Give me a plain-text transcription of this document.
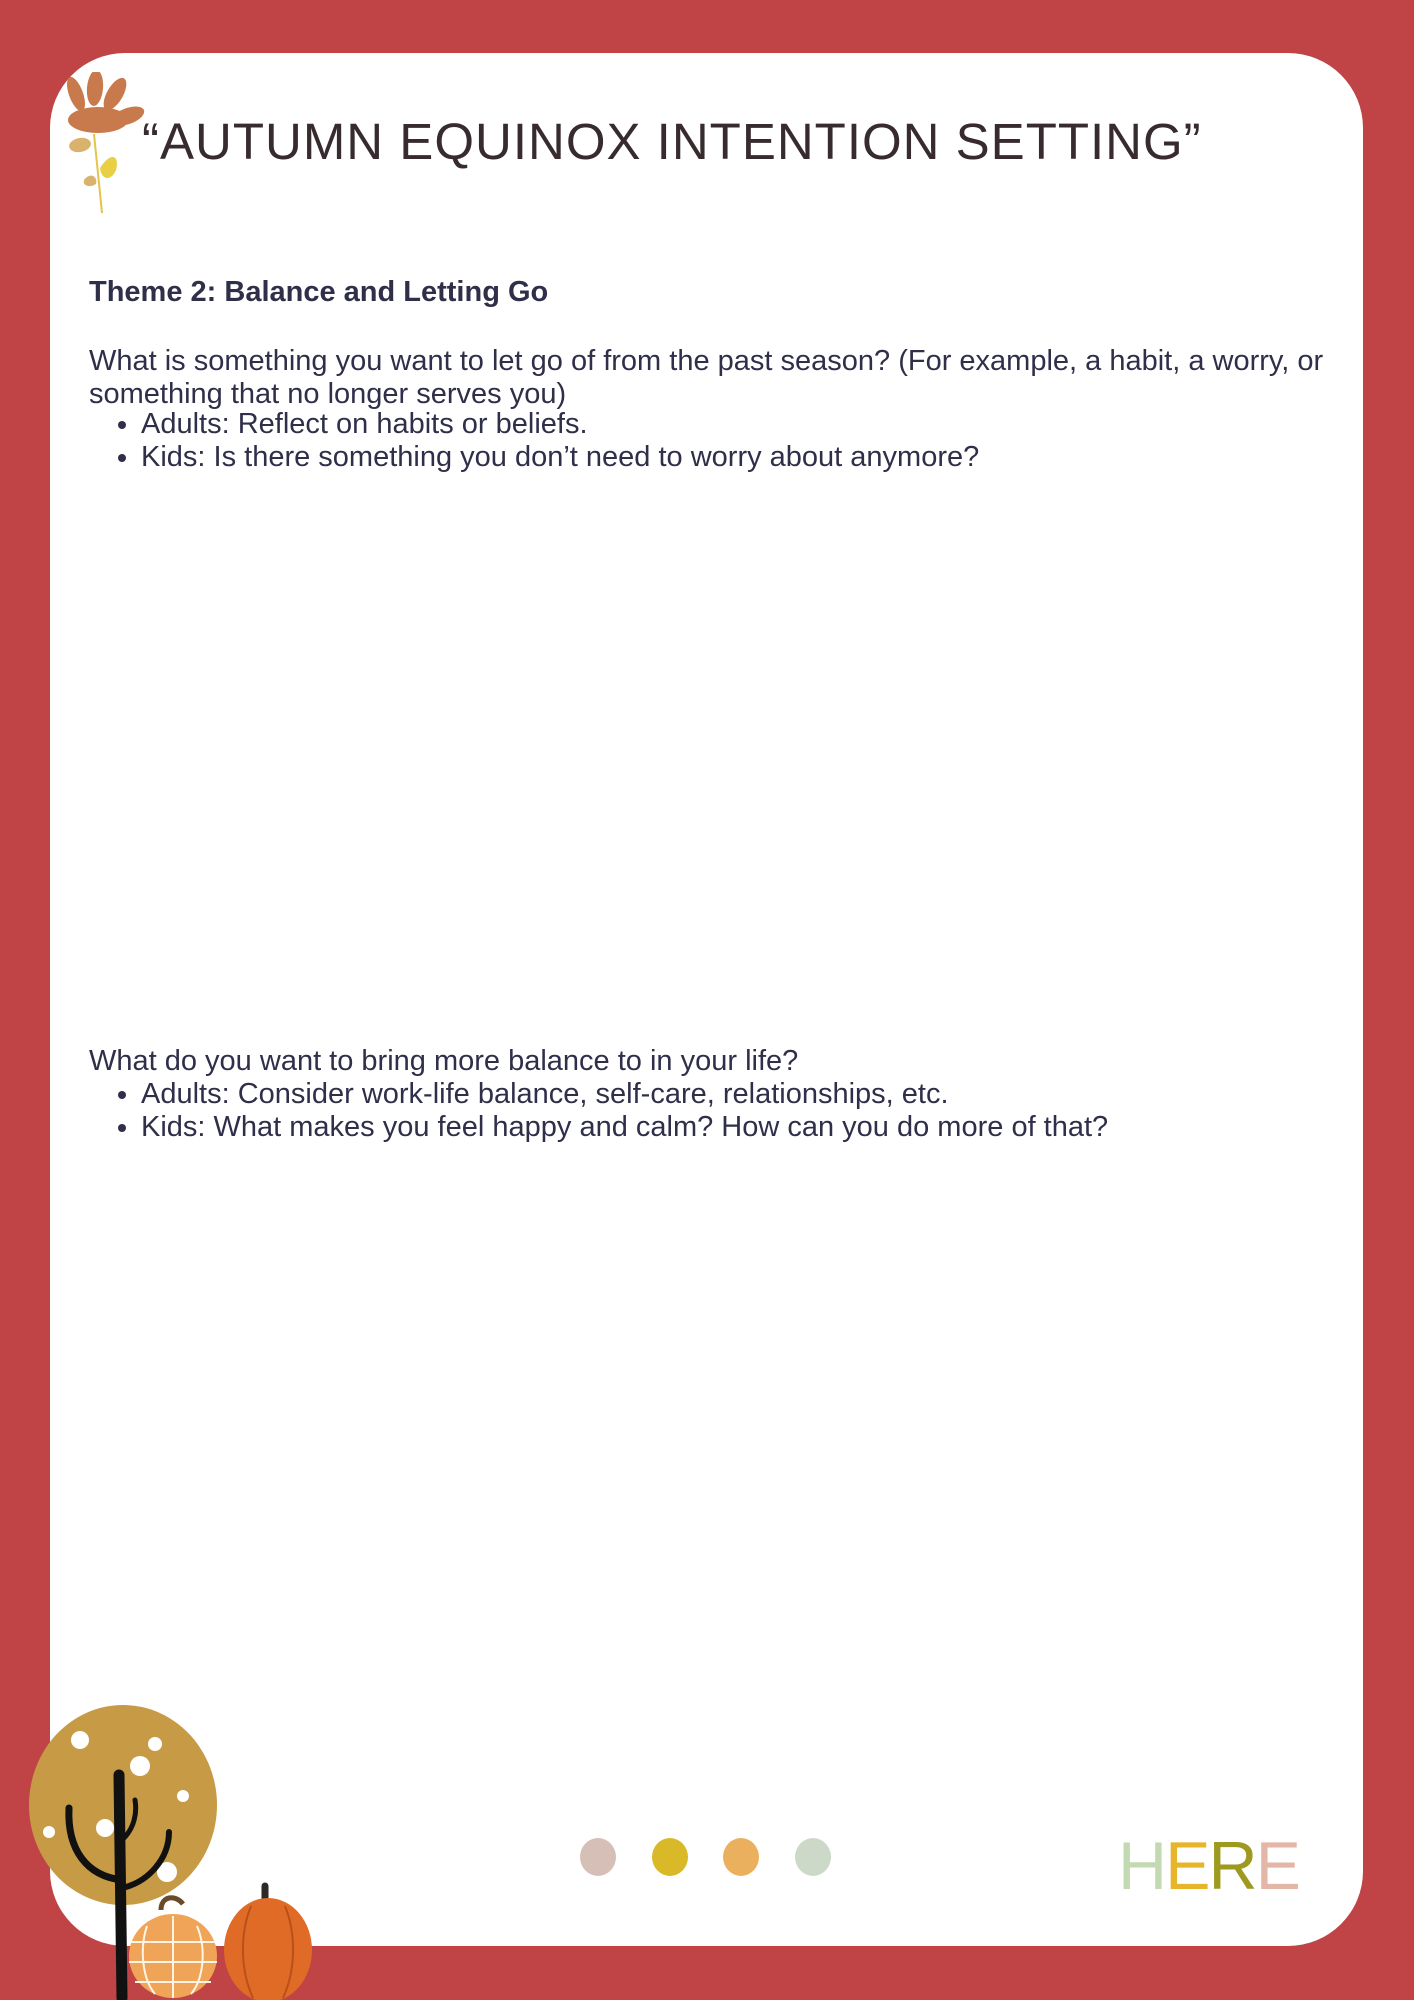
“AUTUMN EQUINOX INTENTION SETTING”
Theme 2: Balance and Letting Go

What is something you want to let go of from the past season? (For example, a habit, a worry, or something that no longer serves you)

• Adults: Reflect on habits or beliefs.
• Kids: Is there something you don’t need to worry about anymore?

What do you want to bring more balance to in your life?

• Adults: Consider work-life balance, self-care, relationships, etc.
• Kids: What makes you feel happy and calm? How can you do more of that?

HERE
